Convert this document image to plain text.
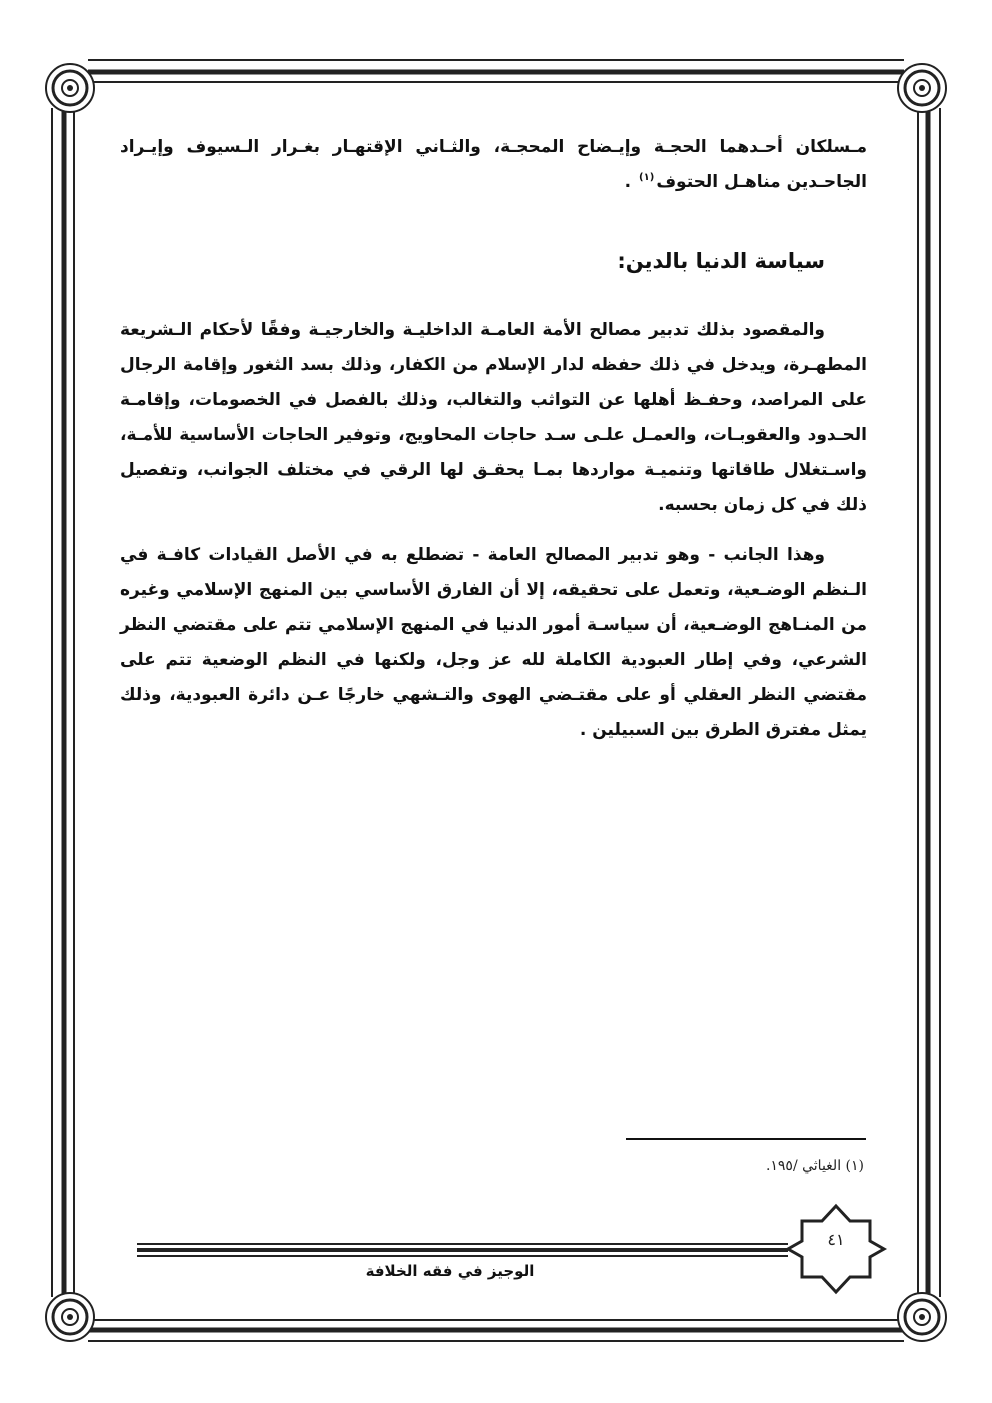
مـسلكان أحـدهما الحجـة وإيـضاح المحجـة، والثـاني الإقتهـار بغـرار الـسيوف وإيـراد الجاحـدين مناهـل الحتوف$^{(١)}$ .

سياسة الدنيا بالدين:

والمقصود بذلك تدبير مصالح الأمة العامـة الداخليـة والخارجيـة وفقًا لأحكام الـشريعة المطهـرة، ويدخل في ذلك حفظه لدار الإسلام من الكفار، وذلك بسد الثغور وإقامة الرجال على المراصد، وحفـظ أهلها عن التواثب والتغالب، وذلك بالفصل في الخصومات، وإقامـة الحـدود والعقوبـات، والعمـل علـى سـد حاجات المحاويج، وتوفير الحاجات الأساسية للأمـة، واسـتغلال طاقاتها وتنميـة مواردها بمـا يحقـق لها الرقي في مختلف الجوانب، وتفصيل ذلك في كل زمان بحسبه.

وهذا الجانب - وهو تدبير المصالح العامة - تضطلع به في الأصل القيادات كافـة في الـنظم الوضـعية، وتعمل على تحقيقه، إلا أن الفارق الأساسي بين المنهج الإسلامي وغيره من المنـاهج الوضـعية، أن سياسـة أمور الدنيا في المنهج الإسلامي تتم على مقتضي النظر الشرعي، وفي إطار العبودية الكاملة لله عز وجل، ولكنها في النظم الوضعية تتم على مقتضي النظر العقلي أو على مقتـضي الهوى والتـشهي خارجًا عـن دائرة العبودية، وذلك يمثل مفترق الطرق بين السبيلين .

(١) الغياثي /١٩٥.
٤١
الوجيز في فقه الخلافة
